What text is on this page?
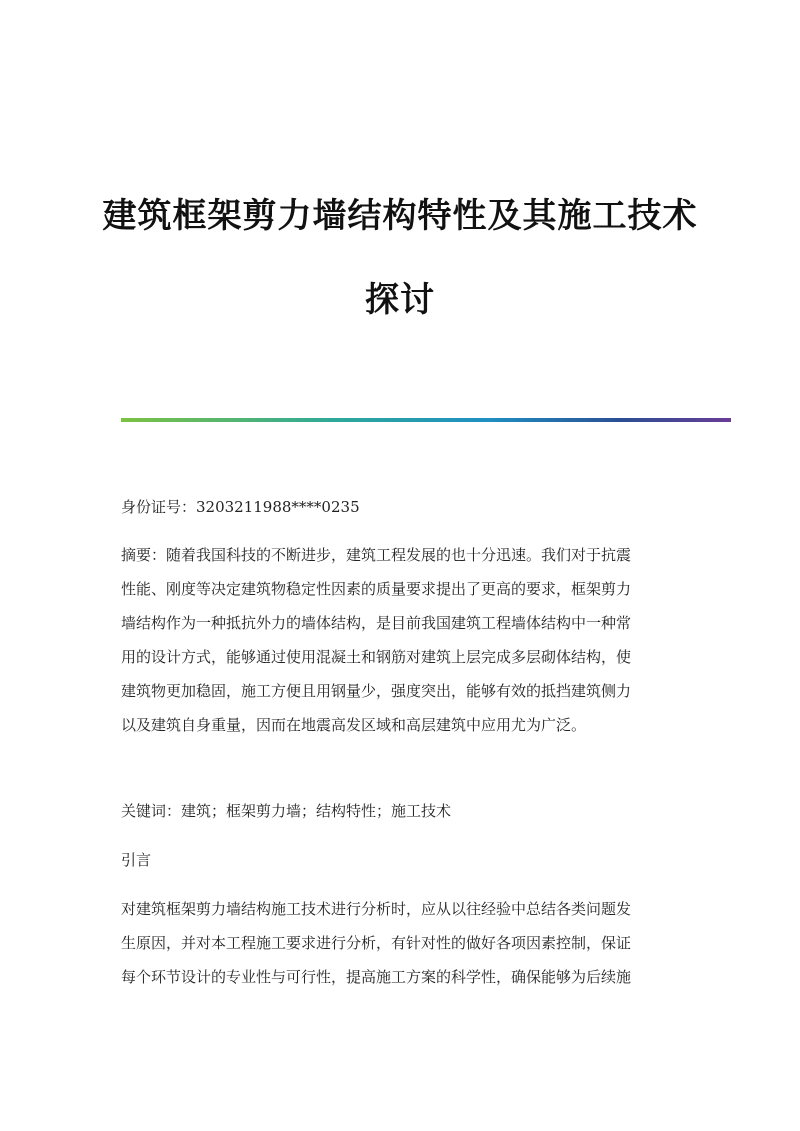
建筑框架剪力墙结构特性及其施工技术
探讨
身份证号：3203211988****0235
摘要：随着我国科技的不断进步，建筑工程发展的也十分迅速。我们对于抗震
性能、刚度等决定建筑物稳定性因素的质量要求提出了更高的要求，框架剪力
墙结构作为一种抵抗外力的墙体结构，是目前我国建筑工程墙体结构中一种常
用的设计方式，能够通过使用混凝土和钢筋对建筑上层完成多层砌体结构，使
建筑物更加稳固，施工方便且用钢量少，强度突出，能够有效的抵挡建筑侧力
以及建筑自身重量，因而在地震高发区域和高层建筑中应用尤为广泛。
关键词：建筑；框架剪力墙；结构特性；施工技术
引言
对建筑框架剪力墙结构施工技术进行分析时，应从以往经验中总结各类问题发
生原因，并对本工程施工要求进行分析，有针对性的做好各项因素控制，保证
每个环节设计的专业性与可行性，提高施工方案的科学性，确保能够为后续施
